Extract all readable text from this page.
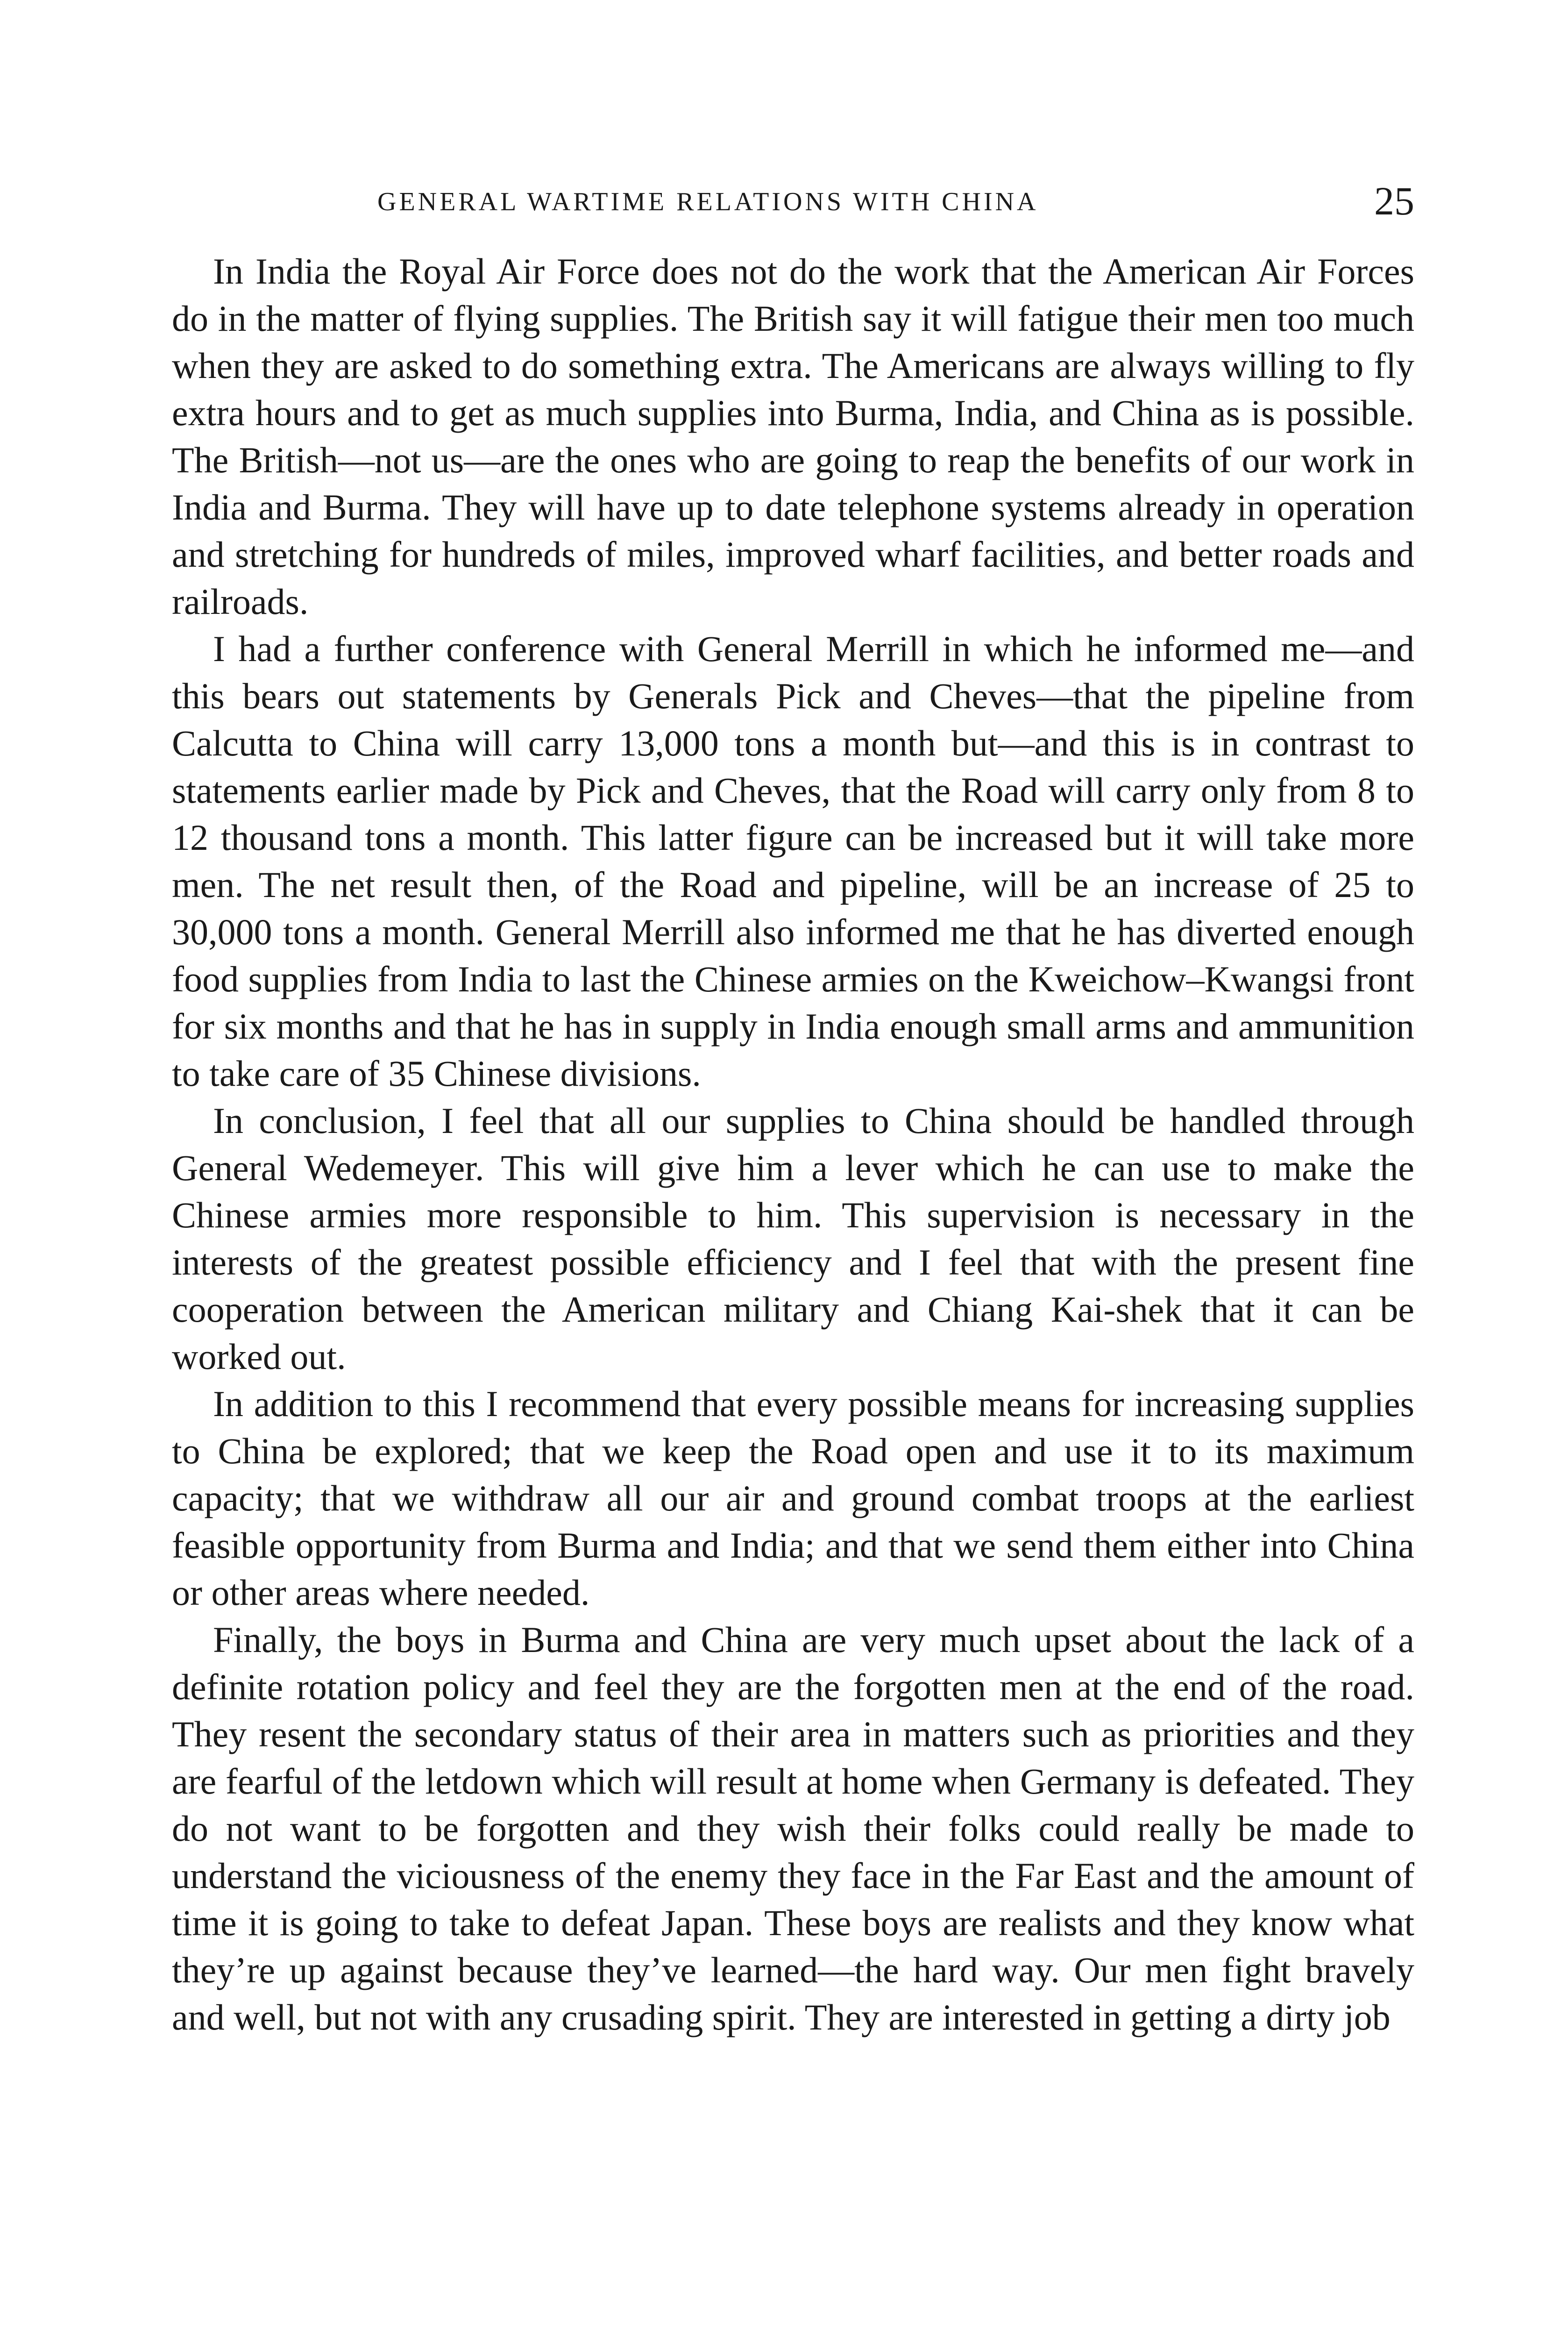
GENERAL WARTIME RELATIONS WITH CHINA	25

In India the Royal Air Force does not do the work that the American Air Forces do in the matter of flying supplies. The British say it will fatigue their men too much when they are asked to do something extra. The Americans are always willing to fly extra hours and to get as much supplies into Burma, India, and China as is possible. The British—not us—are the ones who are going to reap the benefits of our work in India and Burma. They will have up to date telephone systems already in operation and stretching for hundreds of miles, improved wharf facilities, and better roads and railroads.

I had a further conference with General Merrill in which he informed me—and this bears out statements by Generals Pick and Cheves—that the pipeline from Calcutta to China will carry 13,000 tons a month but—and this is in contrast to statements earlier made by Pick and Cheves, that the Road will carry only from 8 to 12 thousand tons a month. This latter figure can be increased but it will take more men. The net result then, of the Road and pipeline, will be an increase of 25 to 30,000 tons a month. General Merrill also informed me that he has diverted enough food supplies from India to last the Chinese armies on the Kweichow–Kwangsi front for six months and that he has in supply in India enough small arms and ammunition to take care of 35 Chinese divisions.

In conclusion, I feel that all our supplies to China should be handled through General Wedemeyer. This will give him a lever which he can use to make the Chinese armies more responsible to him. This supervision is necessary in the interests of the greatest possible efficiency and I feel that with the present fine cooperation between the American military and Chiang Kai-shek that it can be worked out.

In addition to this I recommend that every possible means for increasing supplies to China be explored; that we keep the Road open and use it to its maximum capacity; that we withdraw all our air and ground combat troops at the earliest feasible opportunity from Burma and India; and that we send them either into China or other areas where needed.

Finally, the boys in Burma and China are very much upset about the lack of a definite rotation policy and feel they are the forgotten men at the end of the road. They resent the secondary status of their area in matters such as priorities and they are fearful of the letdown which will result at home when Germany is defeated. They do not want to be forgotten and they wish their folks could really be made to understand the viciousness of the enemy they face in the Far East and the amount of time it is going to take to defeat Japan. These boys are realists and they know what they’re up against because they’ve learned—the hard way. Our men fight bravely and well, but not with any crusading spirit. They are interested in getting a dirty job
